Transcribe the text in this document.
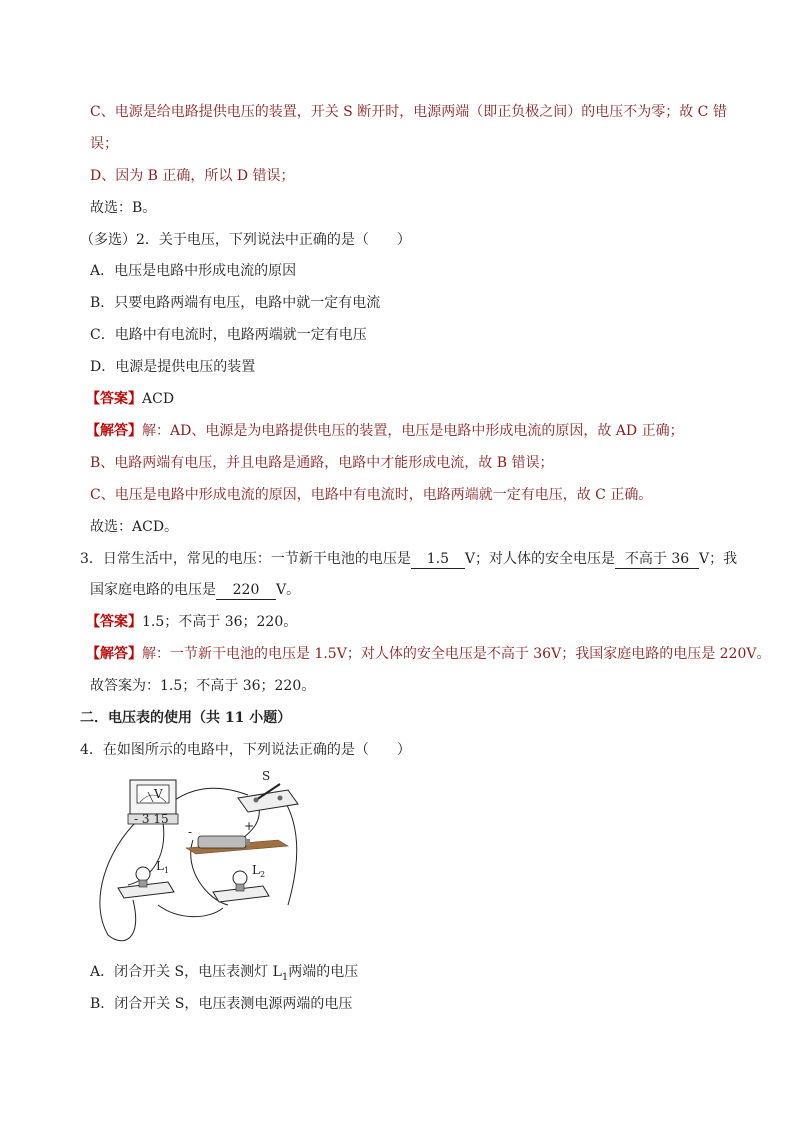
C、电源是给电路提供电压的装置，开关 S 断开时，电源两端（即正负极之间）的电压不为零；故 C 错
误；
D、因为 B 正确，所以 D 错误；
故选：B。
（多选）2．关于电压，下列说法中正确的是（　　）
A．电压是电路中形成电流的原因
B．只要电路两端有电压，电路中就一定有电流
C．电路中有电流时，电路两端就一定有电压
D．电源是提供电压的装置
【答案】ACD
【解答】解：AD、电源是为电路提供电压的装置，电压是电路中形成电流的原因，故 AD 正确；
B、电路两端有电压，并且电路是通路，电路中才能形成电流，故 B 错误；
C、电压是电路中形成电流的原因，电路中有电流时，电路两端就一定有电压，故 C 正确。
故选：ACD。
3．日常生活中，常见的电压：一节新干电池的电压是 1.5 V；对人体的安全电压是 不高于 36 V；我
国家庭电路的电压是 220 V。
【答案】1.5；不高于 36；220。
【解答】解：一节新干电池的电压是 1.5V；对人体的安全电压是不高于 36V；我国家庭电路的电压是 220V。
故答案为：1.5；不高于 36；220。
二．电压表的使用（共 11 小题）
4．在如图所示的电路中，下列说法正确的是（　　）
V
- 3 15
S
-	+
$L_1$	$L_2$
A．闭合开关 S，电压表测灯 $L_1$两端的电压
B．闭合开关 S，电压表测电源两端的电压
